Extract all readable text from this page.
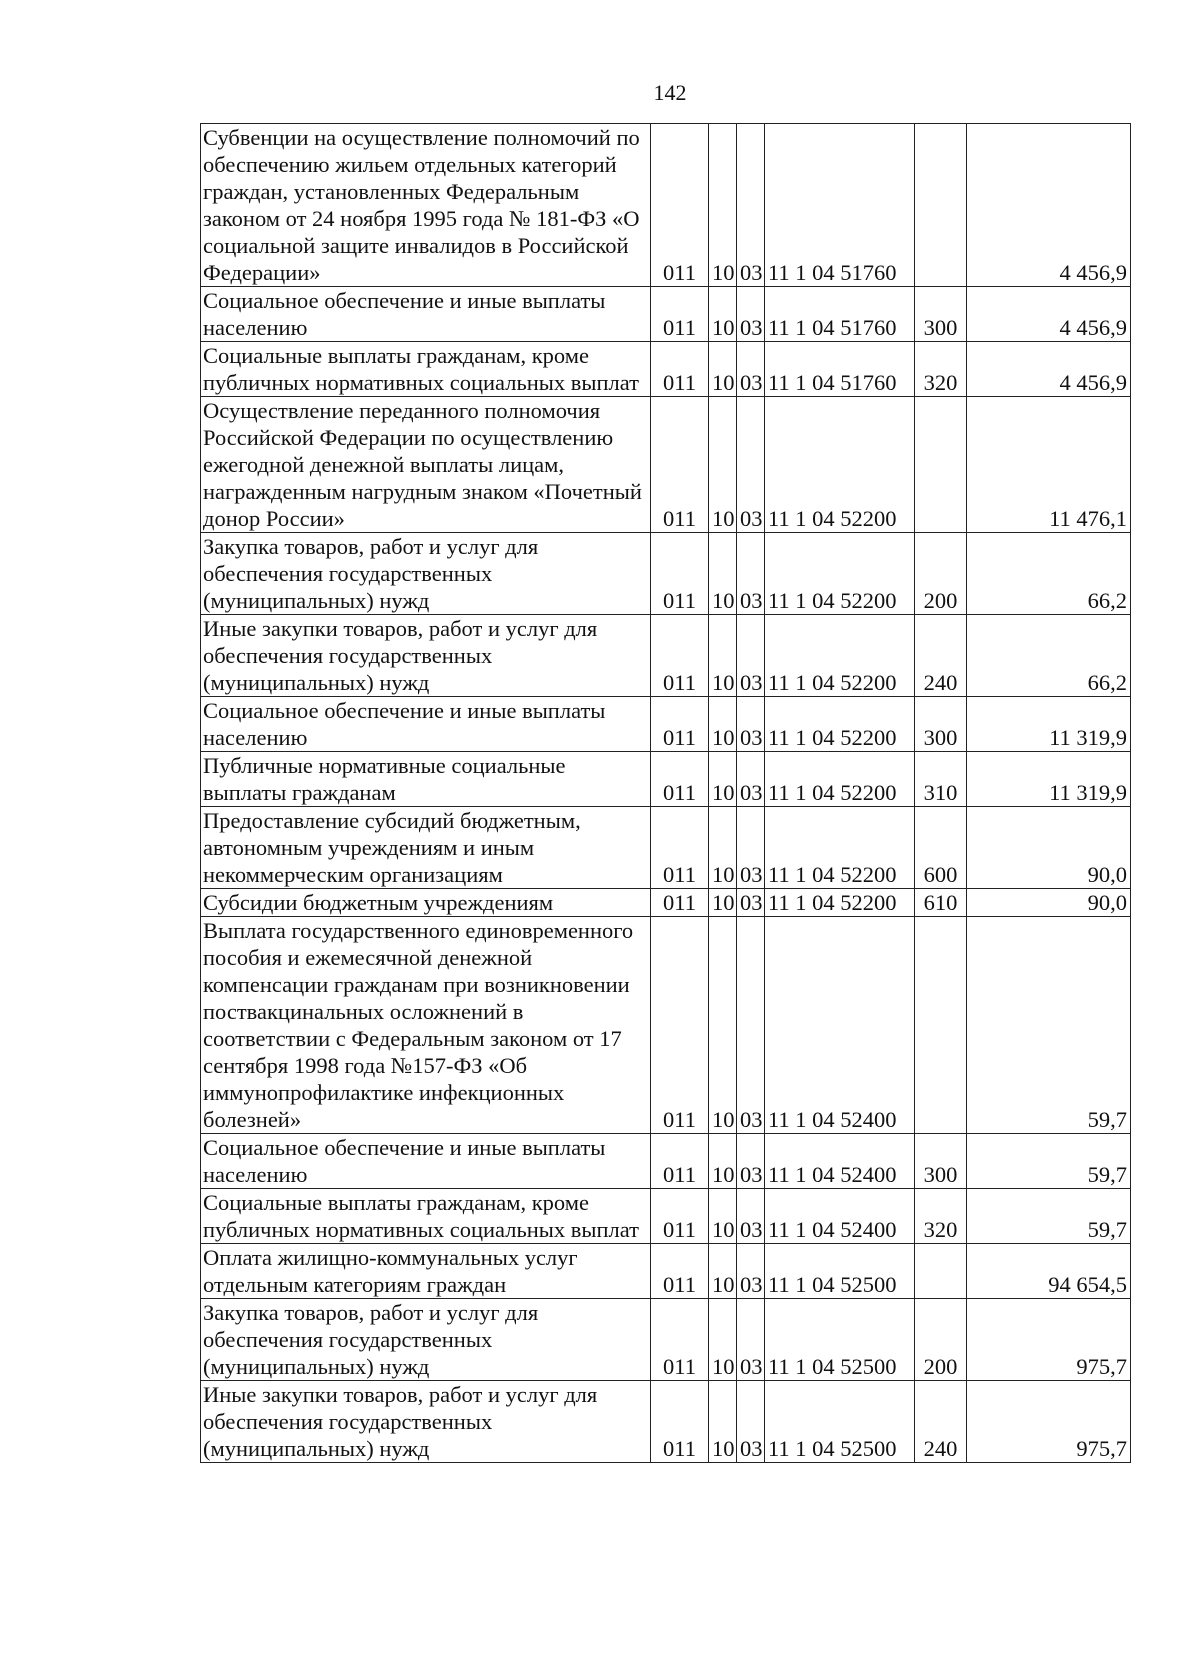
142
Субвенции на осуществление полномочий по обеспечению жильем отдельных категорий граждан, установленных Федеральным законом от 24 ноября 1995 года № 181-ФЗ «О социальной защите инвалидов в Российской Федерации»	011	10	03	11 1 04 51760		4 456,9
Социальное обеспечение и иные выплаты населению	011	10	03	11 1 04 51760	300	4 456,9
Социальные выплаты гражданам, кроме публичных нормативных социальных выплат	011	10	03	11 1 04 51760	320	4 456,9
Осуществление переданного полномочия Российской Федерации по осуществлению ежегодной денежной выплаты лицам, награжденным нагрудным знаком «Почетный донор России»	011	10	03	11 1 04 52200		11 476,1
Закупка товаров, работ и услуг для обеспечения государственных (муниципальных) нужд	011	10	03	11 1 04 52200	200	66,2
Иные закупки товаров, работ и услуг для обеспечения государственных (муниципальных) нужд	011	10	03	11 1 04 52200	240	66,2
Социальное обеспечение и иные выплаты населению	011	10	03	11 1 04 52200	300	11 319,9
Публичные нормативные социальные выплаты гражданам	011	10	03	11 1 04 52200	310	11 319,9
Предоставление субсидий бюджетным, автономным учреждениям и иным некоммерческим организациям	011	10	03	11 1 04 52200	600	90,0
Субсидии бюджетным учреждениям	011	10	03	11 1 04 52200	610	90,0
Выплата государственного единовременного пособия и ежемесячной денежной компенсации гражданам при возникновении поствакцинальных осложнений в соответствии с Федеральным законом от 17 сентября 1998 года №157-ФЗ «Об иммунопрофилактике инфекционных болезней»	011	10	03	11 1 04 52400		59,7
Социальное обеспечение и иные выплаты населению	011	10	03	11 1 04 52400	300	59,7
Социальные выплаты гражданам, кроме публичных нормативных социальных выплат	011	10	03	11 1 04 52400	320	59,7
Оплата жилищно-коммунальных услуг отдельным категориям граждан	011	10	03	11 1 04 52500		94 654,5
Закупка товаров, работ и услуг для обеспечения государственных (муниципальных) нужд	011	10	03	11 1 04 52500	200	975,7
Иные закупки товаров, работ и услуг для обеспечения государственных (муниципальных) нужд	011	10	03	11 1 04 52500	240	975,7
